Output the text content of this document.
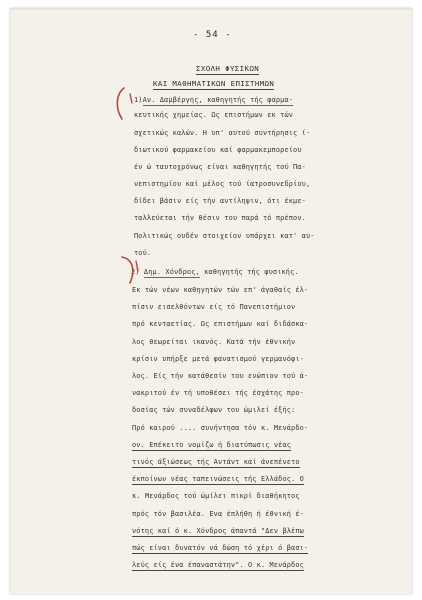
- 54 -
ΣΧΟΛΗ ΦΥΣΙΚΩΝ
ΚΑΙ ΜΑΘΗΜΑΤΙΚΩΝ ΕΠΙΣΤΗΜΩΝ
1)Αν. Δαμβέργης, καθηγητής τής φαρμα-
κευτικής χημείας. Ως επιστήμων εκ τών
σχετικώς καλών. Η υπ' αυτού συντήρησις ί-
διωτικού φαρμακείου καί φαρμακεμπορείου
έν ώ ταυτοχρόνως είναι καθηγητής τού Πα-
νεπιστημίου καί μέλος τού ίατροσυνεδρίου,
δίδει βάσιν είς τήν αντίληψιν, ότι έκμε-
ταλλεύεται τήν θέσιν του παρά τό πρέπον.
Πολιτικώς ουδέν στοιχείον υπάρχει κατ' αυ-
τού.
2) Δημ. Χόνδρος, καθηγητής τής φυσικής.
Εκ τών νέων καθηγητών τών επ' άγαθαίς έλ-
πίσιν εισελθόντων είς τό Πανεπιστήμιον
πρό κενταετίας. Ως επιστήμων καί διδάσκα-
λος θεωρείται ικανός. Κατά τήν έθνικήν
κρίσιν υπήρξε μετά φανατισμού γερμανόφι-
λος. Είς τήν κατάθεσίν του ενώπιον τού ά-
νακριτού έν τή υποθέσει τής έσχάτης προ-
δοσίας τών συναδέλφων του ώμιλεί έξής:
Πρό καιρού .... συνήντησα τόν κ. Μενάρδο-
ον. Επέκειτο νομίζω ή διατύπωσις νέας
τινός άξιώσεως τής Αντάντ καί άνεπένετο
έκποίνων νέας ταπεινώσεις τής Ελλάδος. Ο
κ. Μενάρδος τού ώμίλει πικρί διαθήκητος
πρός τόν βασιλέα. Ενα έπλήθη ή έθνική έ-
νότης καί ό κ. Χόνδρος άπαντά "Δεν βλέπω
πώς είναι δυνατόν νά δώση τό χέρι ό βασι-
λεύς είς ένα έπαναστάτην". Ο κ. Μενάρδος
